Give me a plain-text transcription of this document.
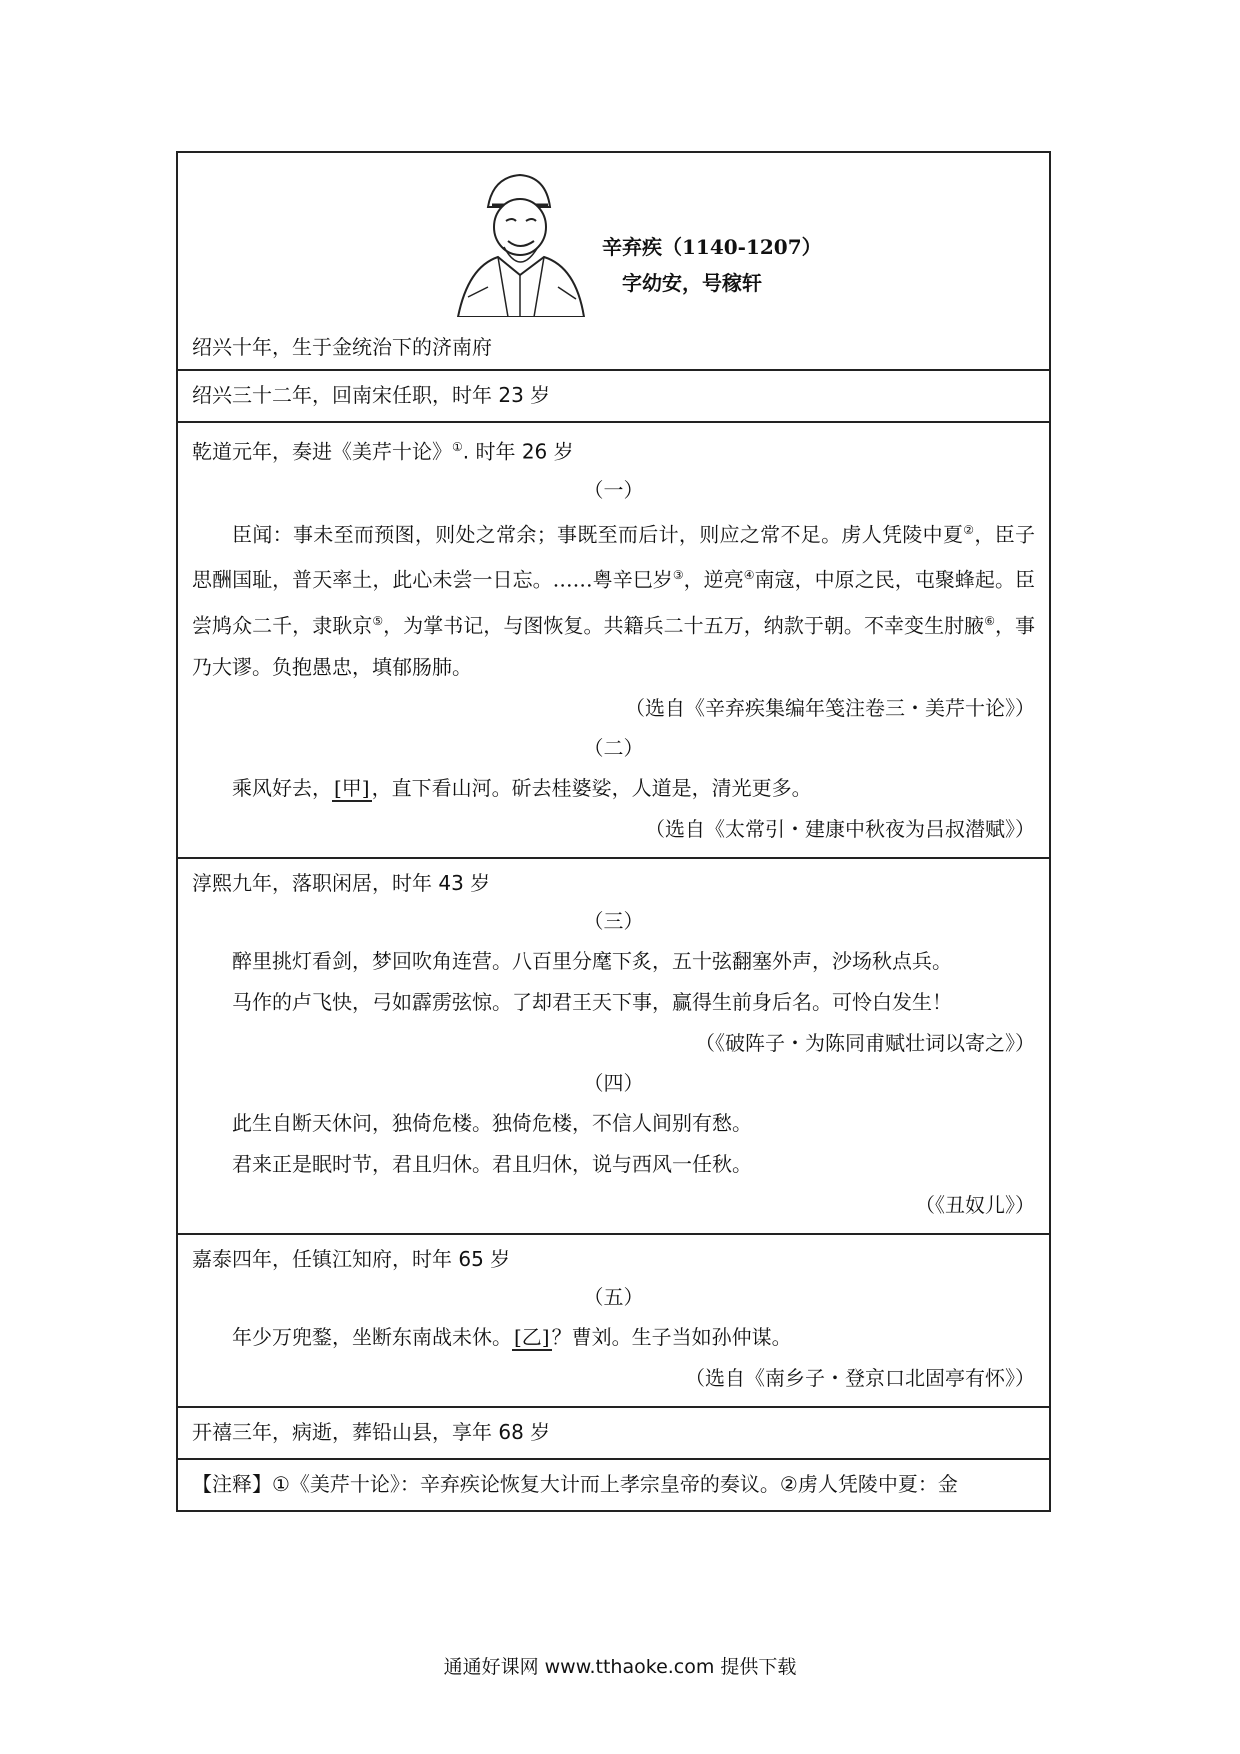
辛弃疾（1140-1207）
字幼安，号稼轩
绍兴十年，生于金统治下的济南府
绍兴三十二年，回南宋任职，时年 23 岁
乾道元年，奏进《美芹十论》①. 时年 26 岁
（一）
臣闻：事未至而预图，则处之常余；事既至而后计，则应之常不足。虏人凭陵中夏②，臣子思酬国耻，普天率土，此心未尝一日忘。……粤辛巳岁③，逆亮④南寇，中原之民，屯聚蜂起。臣尝鸠众二千，隶耿京⑤，为掌书记，与图恢复。共籍兵二十五万，纳款于朝。不幸变生肘腋⑥，事乃大谬。负抱愚忠，填郁肠肺。
（选自《辛弃疾集编年笺注卷三・美芹十论》）
（二）
乘风好去， [甲] ，直下看山河。斫去桂婆娑，人道是，清光更多。
（选自《太常引・建康中秋夜为吕叔潜赋》）
淳熙九年，落职闲居，时年 43 岁
（三）
醉里挑灯看剑，梦回吹角连营。八百里分麾下炙，五十弦翻塞外声，沙场秋点兵。
马作的卢飞快，弓如霹雳弦惊。了却君王天下事，赢得生前身后名。可怜白发生！
（《破阵子・为陈同甫赋壮词以寄之》）
（四）
此生自断天休问，独倚危楼。独倚危楼，不信人间别有愁。
君来正是眠时节，君且归休。君且归休，说与西风一任秋。
（《丑奴儿》）
嘉泰四年，任镇江知府，时年 65 岁
（五）
年少万兜鍪，坐断东南战未休。 [乙] ？曹刘。生子当如孙仲谋。
（选自《南乡子・登京口北固亭有怀》）
开禧三年，病逝，葬铅山县，享年 68 岁
【注释】①《美芹十论》：辛弃疾论恢复大计而上孝宗皇帝的奏议。②虏人凭陵中夏：金
通通好课网 www.tthaoke.com 提供下载
